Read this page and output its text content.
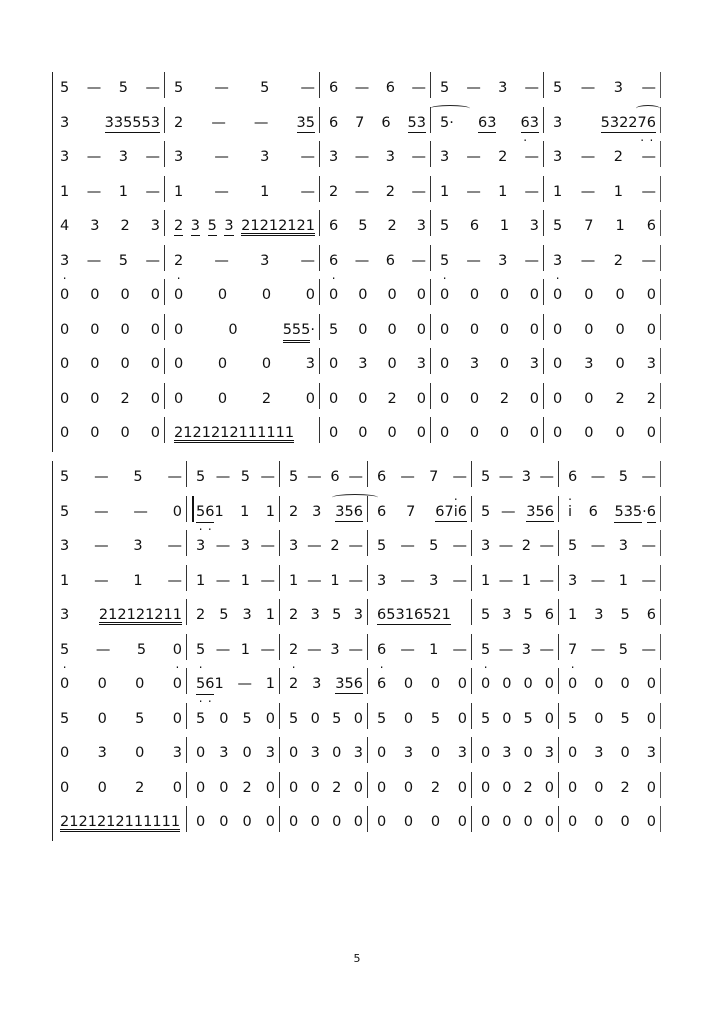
5 — 5 — 5 — 5 — 6 — 6 — 5 — 3 — 5 — 3 —
3 335553 2 — — 35 6 7 6 53 5· 63 6 .3 3	53227 .6 .
3 — 3 — 3 — 3 — 3 — 3 — 3 — 2 — 3 — 2 —
1 — 1 — 1 — 1 — 2 — 2 — 1 — 1 — 1 — 1 —
4 3 2 3 2 3 5 3 21212121 6 5 2 3 5 6 1 3 5 7 1 6
3 . — 5 — 2 . — 3 — 6 . — 6 — 5 . — 3 — 3 . — 2 —
0 0 0 0 0 0 0 0 0 0 0 0 0 0 0 0 0 0 0 0
0 0 0 0 0	0	555· 5 0 0 0 0 0 0 0 0 0 0 0
0 0 0 0 0 0 0 3 0 3 0 3 0 3 0 3 0 3 0 3
0 0 2 0 0 0 2 0 0 0 2 0 0 0 2 0 0 0 2 2
0 0 0 0 2121212111111 0 0 0 0 0 0 0 0 0 0 0 0
5 — 5 — 5 — 5 — 5 — 6 — 6 — 7 — 5 — 3 — 6 — 5 —
5 — — 0 5 .6 .1 1 1 2 3 356 6 7 67. i6 5 — 356
. i 6 535·6
3 — 3 — 3 — 3 — 3 — 2 — 5 — 5 — 3 — 2 — 5 — 3 —
1 — 1 — 1 — 1 — 1 — 1 — 3 — 3 — 1 — 1 — 3 — 1 —
3 212121211 2 5 3 1 2 3 5 3 65316521 5 3 5 6 1 3 5 6
5 . — 5 0 . 5 . — 1 — 2 . — 3 — 6 . — 1 — 5 . — 3 — 7 . — 5 —
0 0 0 0 5 .6 .1 — 1 2 3 356 6 0 0 0 0 0 0 0 0 0 0 0
5 0 5 0 5 0 5 0 5 0 5 0 5 0 5 0 5 0 5 0 5 0 5 0
0 3 0 3 0 3 0 3 0 3 0 3 0 3 0 3 0 3 0 3 0 3 0 3
0 0 2 0 0 0 2 0 0 0 2 0 0 0 2 0 0 0 2 0 0 0 2 0
2121212111111 0 0 0 0 0 0 0 0 0 0 0 0 0 0 0 0 0 0 0 0
5
